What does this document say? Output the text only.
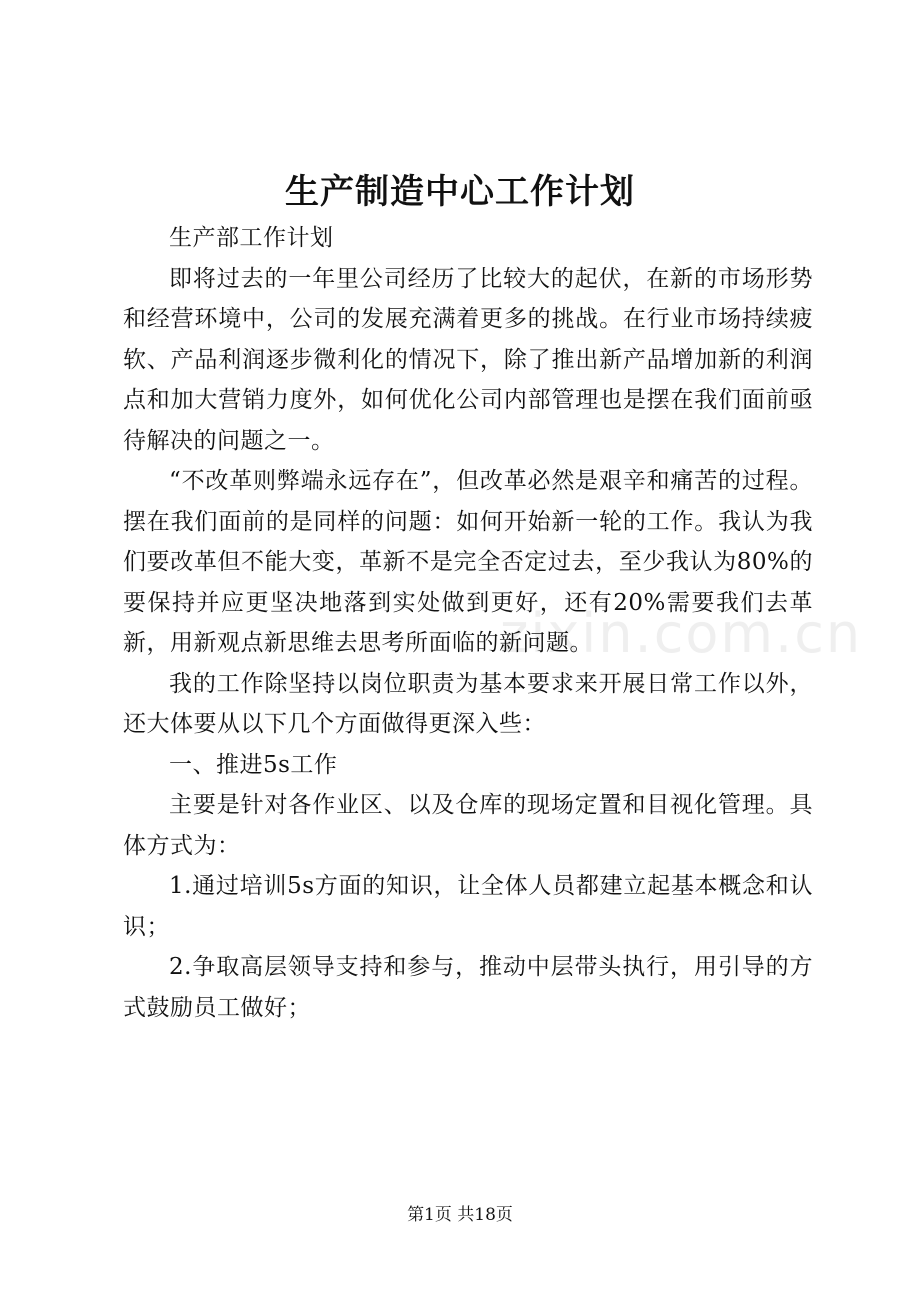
zixin.com.cn
生产制造中心工作计划

生产部工作计划

即将过去的一年里公司经历了比较大的起伏，在新的市场形势和经营环境中，公司的发展充满着更多的挑战。在行业市场持续疲软、产品利润逐步微利化的情况下，除了推出新产品增加新的利润点和加大营销力度外，如何优化公司内部管理也是摆在我们面前亟待解决的问题之一。

“不改革则弊端永远存在”，但改革必然是艰辛和痛苦的过程。摆在我们面前的是同样的问题：如何开始新一轮的工作。我认为我们要改革但不能大变，革新不是完全否定过去，至少我认为80%的要保持并应更坚决地落到实处做到更好，还有20%需要我们去革新，用新观点新思维去思考所面临的新问题。

我的工作除坚持以岗位职责为基本要求来开展日常工作以外，还大体要从以下几个方面做得更深入些：

一、推进5s工作

主要是针对各作业区、以及仓库的现场定置和目视化管理。具体方式为：

1.通过培训5s方面的知识，让全体人员都建立起基本概念和认识；

2.争取高层领导支持和参与，推动中层带头执行，用引导的方式鼓励员工做好；

第1页 共18页
